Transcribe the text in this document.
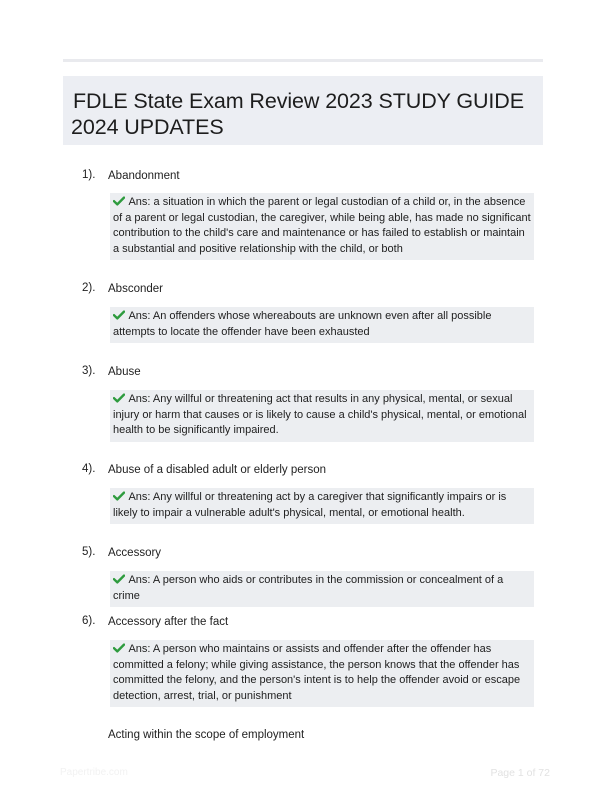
FDLE State Exam Review 2023 STUDY GUIDE
2024 UPDATES
1). Abandonment
Ans: a situation in which the parent or legal custodian of a child or, in the absence of a parent or legal custodian, the caregiver, while being able, has made no significant contribution to the child's care and maintenance or has failed to establish or maintain a substantial and positive relationship with the child, or both
2). Absconder
Ans: An offenders whose whereabouts are unknown even after all possible attempts to locate the offender have been exhausted
3). Abuse
Ans: Any willful or threatening act that results in any physical, mental, or sexual injury or harm that causes or is likely to cause a child's physical, mental, or emotional health to be significantly impaired.
4). Abuse of a disabled adult or elderly person
Ans: Any willful or threatening act by a caregiver that significantly impairs or is likely to impair a vulnerable adult's physical, mental, or emotional health.
5). Accessory
Ans: A person who aids or contributes in the commission or concealment of a crime
6). Accessory after the fact
Ans: A person who maintains or assists and offender after the offender has committed a felony; while giving assistance, the person knows that the offender has committed the felony, and the person's intent is to help the offender avoid or escape detection, arrest, trial, or punishment
Acting within the scope of employment
Papertribe.com	Page 1 of 72
